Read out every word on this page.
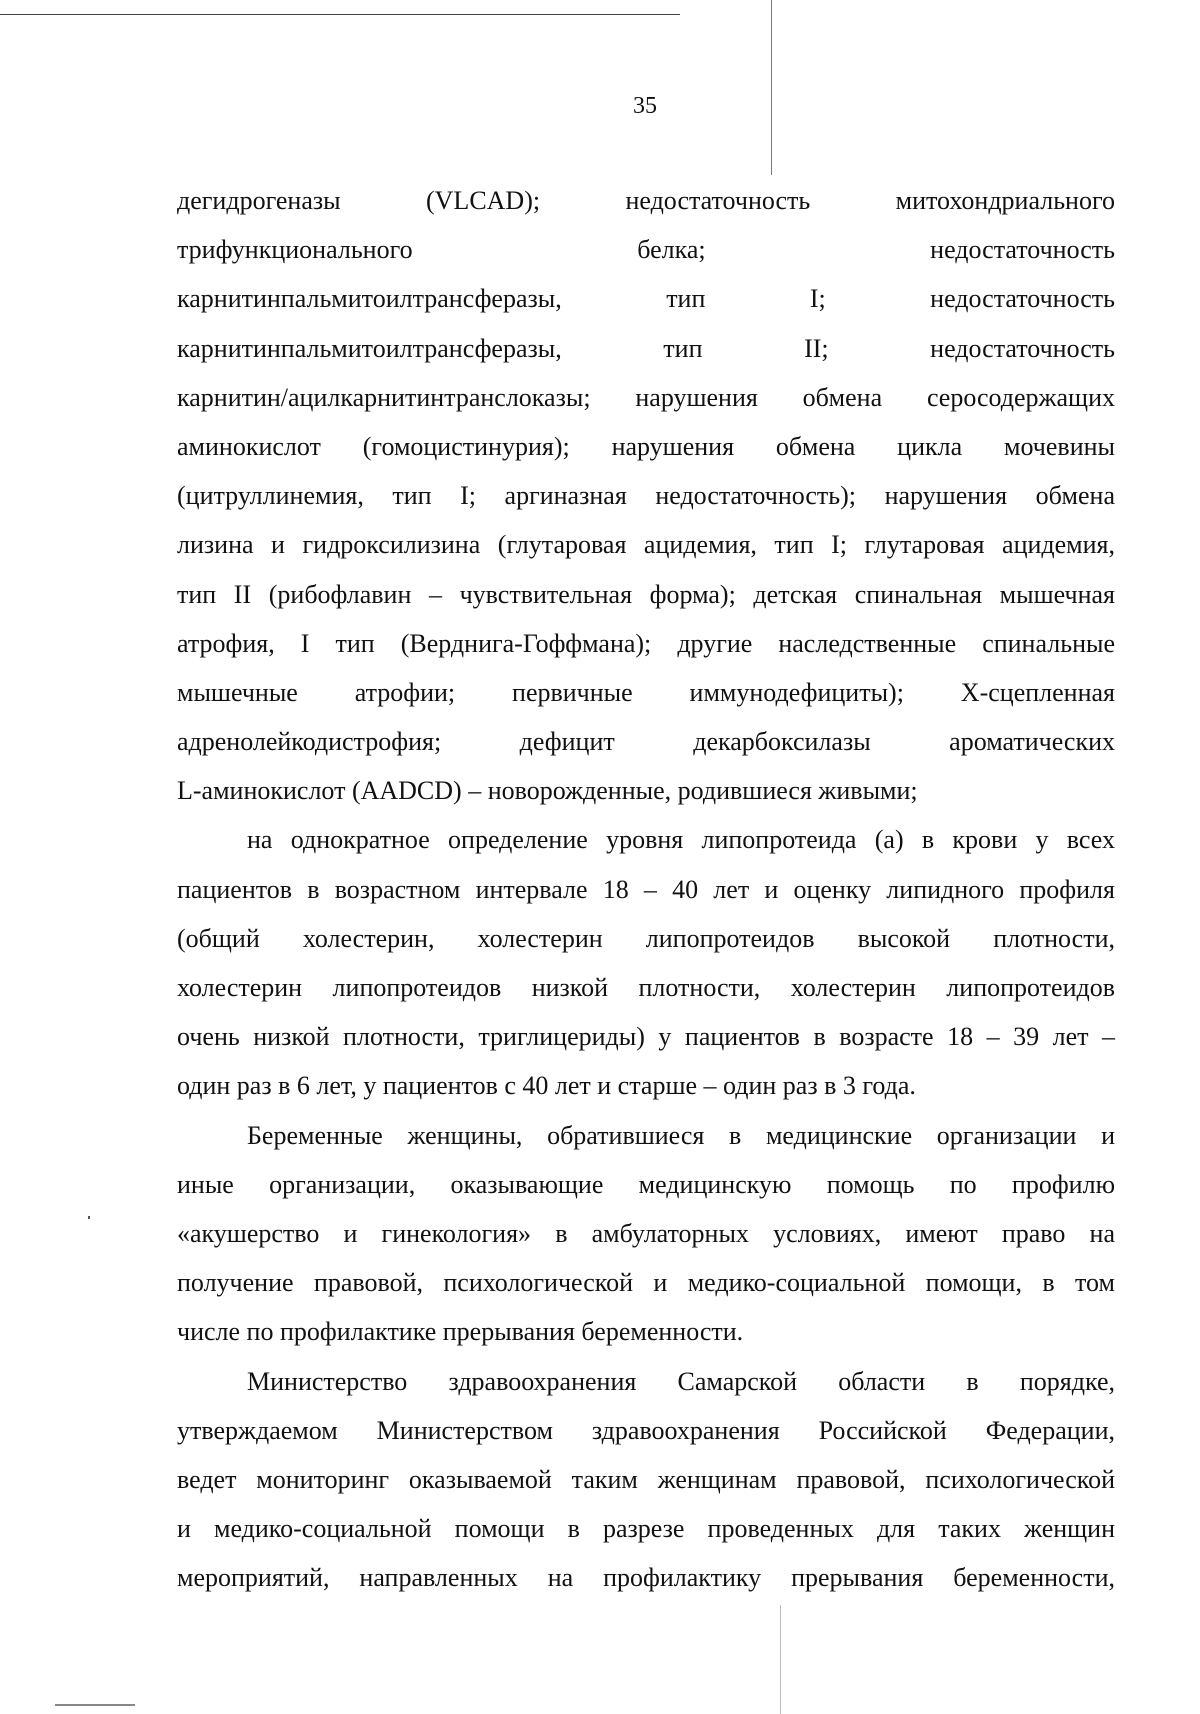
35
дегидрогеназы (VLCAD); недостаточность митохондриального
трифункционального белка; недостаточность
карнитинпальмитоилтрансферазы, тип I; недостаточность
карнитинпальмитоилтрансферазы, тип II; недостаточность
карнитин/ацилкарнитинтранслоказы; нарушения обмена серосодержащих
аминокислот (гомоцистинурия); нарушения обмена цикла мочевины
(цитруллинемия, тип I; аргиназная недостаточность); нарушения обмена
лизина и гидроксилизина (глутаровая ацидемия, тип I; глутаровая ацидемия,
тип II (рибофлавин – чувствительная форма); детская спинальная мышечная
атрофия, I тип (Верднига-Гоффмана); другие наследственные спинальные
мышечные атрофии; первичные иммунодефициты); Х-сцепленная
адренолейкодистрофия; дефицит декарбоксилазы ароматических
L-аминокислот (AADCD) – новорожденные, родившиеся живыми;
на однократное определение уровня липопротеида (а) в крови у всех
пациентов в возрастном интервале 18 – 40 лет и оценку липидного профиля
(общий холестерин, холестерин липопротеидов высокой плотности,
холестерин липопротеидов низкой плотности, холестерин липопротеидов
очень низкой плотности, триглицериды) у пациентов в возрасте 18 – 39 лет –
один раз в 6 лет, у пациентов с 40 лет и старше – один раз в 3 года.
Беременные женщины, обратившиеся в медицинские организации и
иные организации, оказывающие медицинскую помощь по профилю
«акушерство и гинекология» в амбулаторных условиях, имеют право на
получение правовой, психологической и медико-социальной помощи, в том
числе по профилактике прерывания беременности.
Министерство здравоохранения Самарской области в порядке,
утверждаемом Министерством здравоохранения Российской Федерации,
ведет мониторинг оказываемой таким женщинам правовой, психологической
и медико-социальной помощи в разрезе проведенных для таких женщин
мероприятий, направленных на профилактику прерывания беременности,
